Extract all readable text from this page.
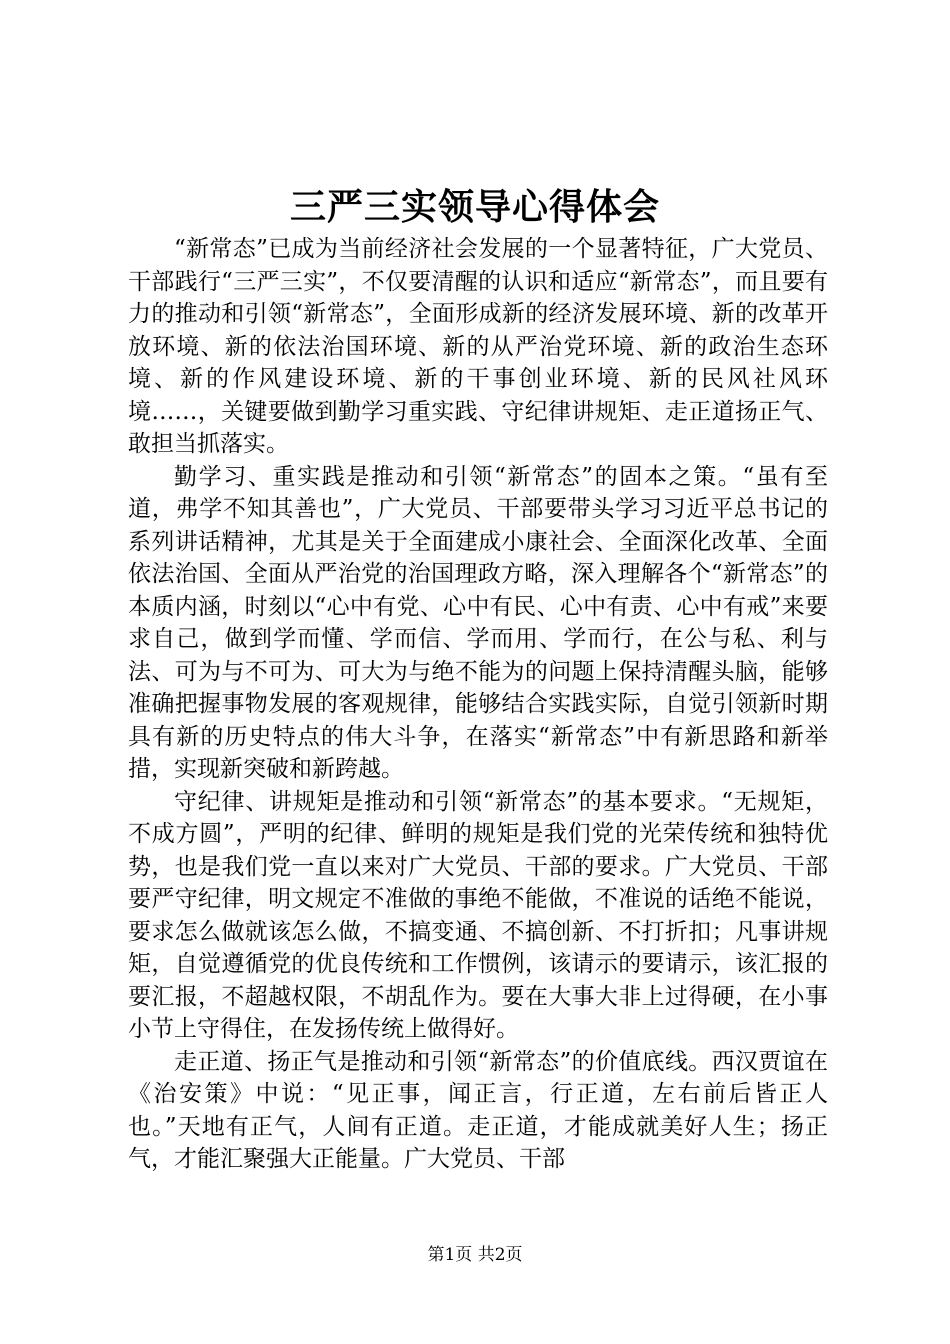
三严三实领导心得体会

“新常态”已成为当前经济社会发展的一个显著特征，广大党员、干部践行“三严三实”，不仅要清醒的认识和适应“新常态”，而且要有力的推动和引领“新常态”，全面形成新的经济发展环境、新的改革开放环境、新的依法治国环境、新的从严治党环境、新的政治生态环境、新的作风建设环境、新的干事创业环境、新的民风社风环境……，关键要做到勤学习重实践、守纪律讲规矩、走正道扬正气、敢担当抓落实。

勤学习、重实践是推动和引领“新常态”的固本之策。“虽有至道，弗学不知其善也”，广大党员、干部要带头学习习近平总书记的系列讲话精神，尤其是关于全面建成小康社会、全面深化改革、全面依法治国、全面从严治党的治国理政方略，深入理解各个“新常态”的本质内涵，时刻以“心中有党、心中有民、心中有责、心中有戒”来要求自己，做到学而懂、学而信、学而用、学而行，在公与私、利与法、可为与不可为、可大为与绝不能为的问题上保持清醒头脑，能够准确把握事物发展的客观规律，能够结合实践实际，自觉引领新时期具有新的历史特点的伟大斗争，在落实“新常态”中有新思路和新举措，实现新突破和新跨越。

守纪律、讲规矩是推动和引领“新常态”的基本要求。“无规矩，不成方圆”，严明的纪律、鲜明的规矩是我们党的光荣传统和独特优势，也是我们党一直以来对广大党员、干部的要求。广大党员、干部要严守纪律，明文规定不准做的事绝不能做，不准说的话绝不能说，要求怎么做就该怎么做，不搞变通、不搞创新、不打折扣；凡事讲规矩，自觉遵循党的优良传统和工作惯例，该请示的要请示，该汇报的要汇报，不超越权限，不胡乱作为。要在大事大非上过得硬，在小事小节上守得住，在发扬传统上做得好。

走正道、扬正气是推动和引领“新常态”的价值底线。西汉贾谊在《治安策》中说：“见正事，闻正言，行正道，左右前后皆正人也。”天地有正气，人间有正道。走正道，才能成就美好人生；扬正气，才能汇聚强大正能量。广大党员、干部

第1页 共2页
